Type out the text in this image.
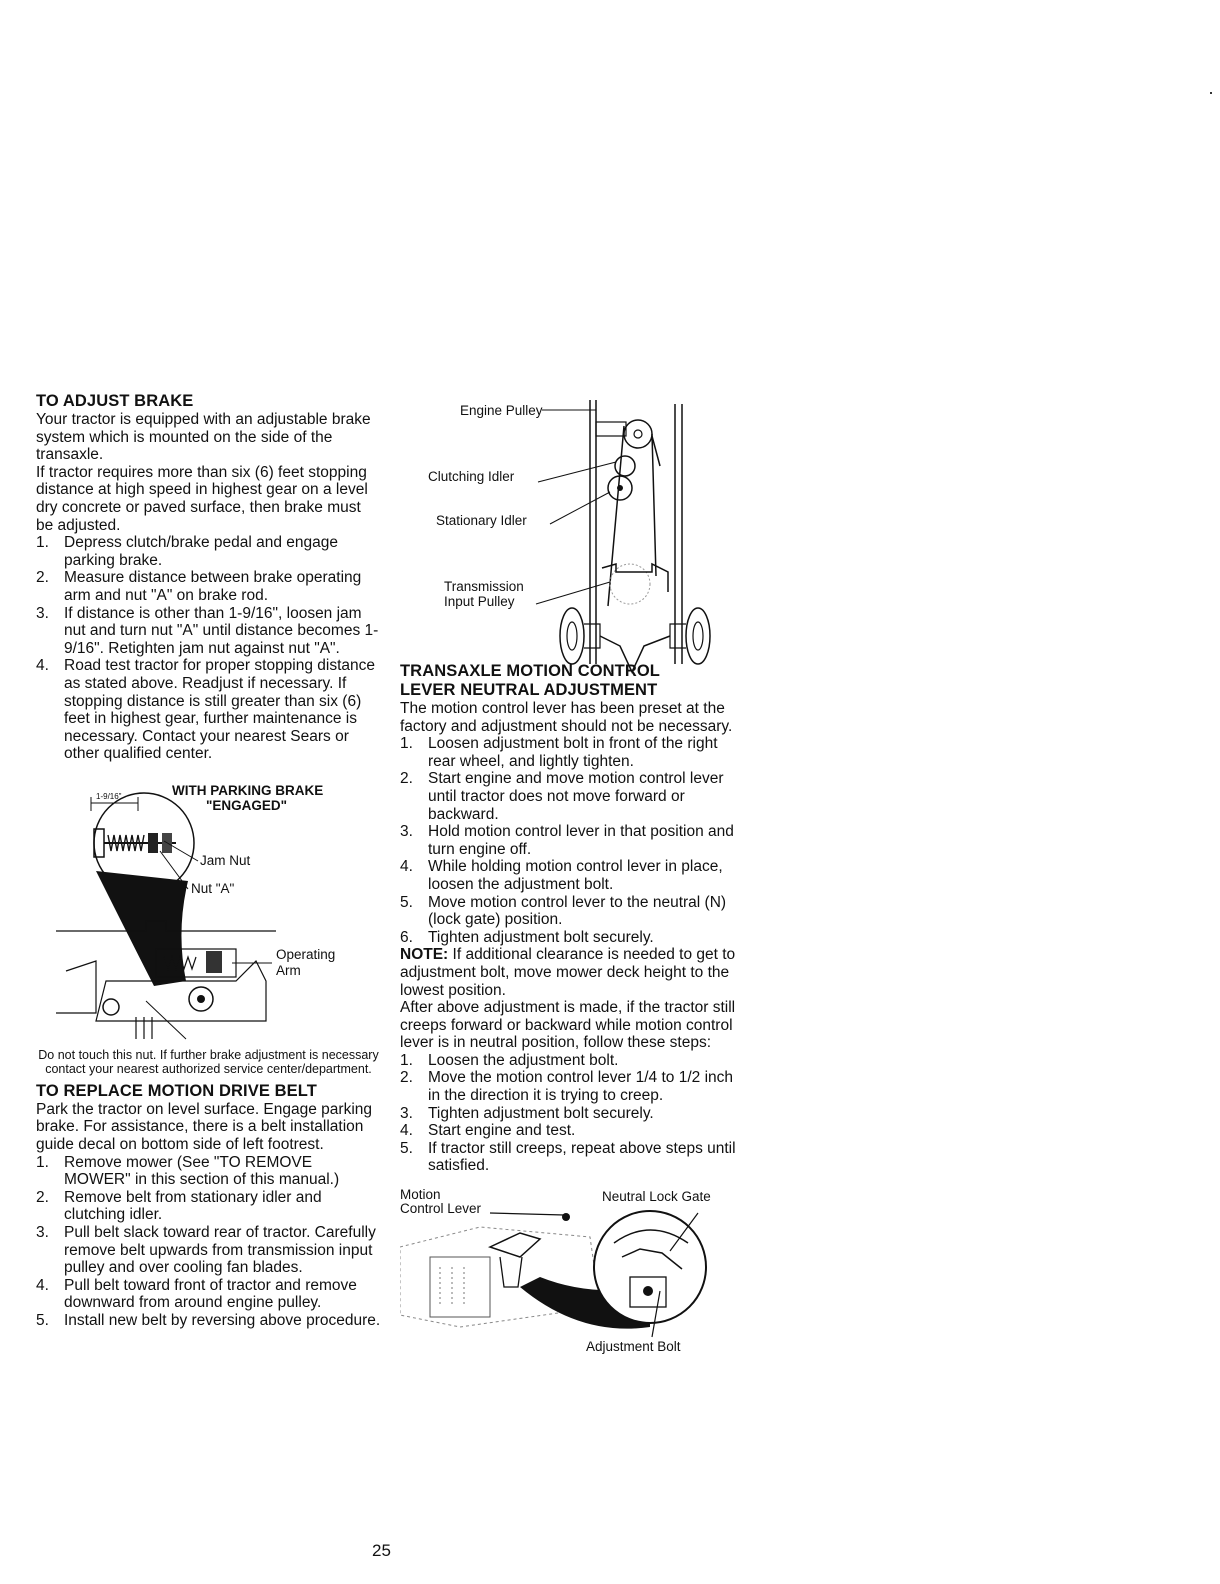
TO ADJUST BRAKE

Your tractor is equipped with an adjustable brake system which is mounted on the side of the transaxle.

If tractor requires more than six (6) feet stopping distance at high speed in highest gear on a level dry concrete or paved surface, then brake must be adjusted.

1. Depress clutch/brake pedal and engage parking brake.
2. Measure distance between brake operating arm and nut "A" on brake rod.
3. If distance is other than 1-9/16", loosen jam nut and turn nut "A" until distance becomes 1-9/16". Retighten jam nut against nut "A".
4. Road test tractor for proper stopping distance as stated above. Readjust if necessary. If stopping distance is still greater than six (6) feet in highest gear, further maintenance is necessary. Contact your nearest Sears or other qualified center.
WITH PARKING BRAKE
"ENGAGED"
1-9/16"
Jam Nut
Nut "A"
Operating
Arm

Do not touch this nut. If further brake adjustment is necessary contact your nearest authorized service center/department.

TO REPLACE MOTION DRIVE BELT

Park the tractor on level surface. Engage parking brake. For assistance, there is a belt installation guide decal on bottom side of left footrest.

1. Remove mower (See "TO REMOVE MOWER" in this section of this manual.)
2. Remove belt from stationary idler and clutching idler.
3. Pull belt slack toward rear of tractor. Carefully remove belt upwards from transmission input pulley and over cooling fan blades.
4. Pull belt toward front of tractor and remove downward from around engine pulley.
5. Install new belt by reversing above procedure.
Engine Pulley
Clutching Idler
Stationary Idler
Transmission
Input Pulley
TRANSAXLE MOTION CONTROL
LEVER NEUTRAL ADJUSTMENT

The motion control lever has been preset at the factory and adjustment should not be necessary.

1. Loosen adjustment bolt in front of the right rear wheel, and lightly tighten.
2. Start engine and move motion control lever until tractor does not move forward or backward.
3. Hold motion control lever in that position and turn engine off.
4. While holding motion control lever in place, loosen the adjustment bolt.
5. Move motion control lever to the neutral (N) (lock gate) position.
6. Tighten adjustment bolt securely.

NOTE: If additional clearance is needed to get to adjustment bolt, move mower deck height to the lowest position.

After above adjustment is made, if the tractor still creeps forward or backward while motion control lever is in neutral position, follow these steps:

1. Loosen the adjustment bolt.
2. Move the motion control lever 1/4 to 1/2 inch in the direction it is trying to creep.
3. Tighten adjustment bolt securely.
4. Start engine and test.
5. If tractor still creeps, repeat above steps until satisfied.
Motion
Control Lever
Neutral Lock Gate
Adjustment Bolt
25
